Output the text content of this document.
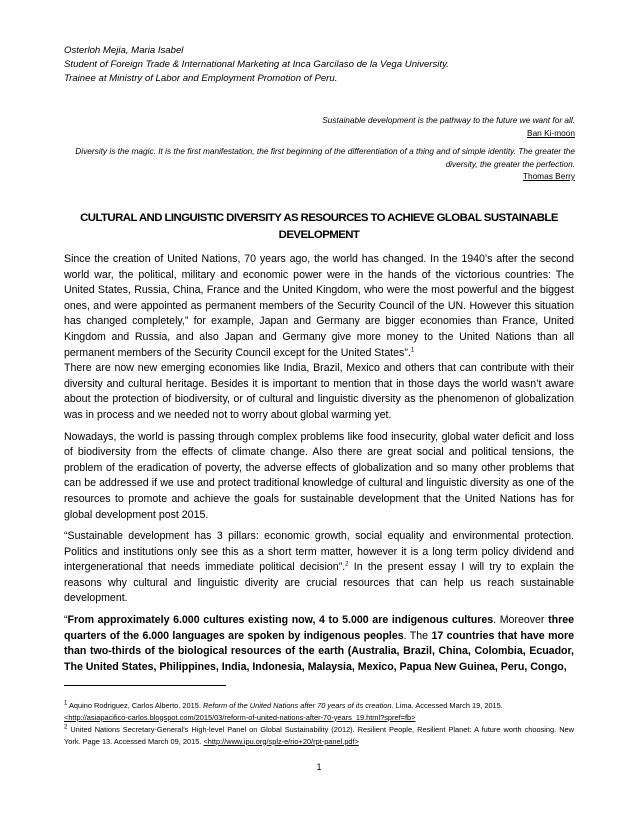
Osterloh Mejia, Maria Isabel
Student of Foreign Trade & International Marketing at Inca Garcilaso de la Vega University.
Trainee at Ministry of Labor and Employment Promotion of Peru.
Sustainable development is the pathway to the future we want for all.
Ban Ki-moon
Diversity is the magic. It is the first manifestation, the first beginning of the differentiation of a thing and of simple identity. The greater the diversity, the greater the perfection.
Thomas Berry
CULTURAL AND LINGUISTIC DIVERSITY AS RESOURCES TO ACHIEVE GLOBAL SUSTAINABLE DEVELOPMENT

Since the creation of United Nations, 70 years ago, the world has changed. In the 1940’s after the second world war, the political, military and economic power were in the hands of the victorious countries: The United States, Russia, China, France and the United Kingdom, who were the most powerful and the biggest ones, and were appointed as permanent members of the Security Council of the UN. However this situation has changed completely,” for example, Japan and Germany are bigger economies than France, United Kingdom and Russia, and also Japan and Germany give more money to the United Nations than all permanent members of the Security Council except for the United States”.$^1$
There are now new emerging economies like India, Brazil, Mexico and others that can contribute with their diversity and cultural heritage. Besides it is important to mention that in those days the world wasn’t aware about the protection of biodiversity, or of cultural and linguistic diversity as the phenomenon of globalization was in process and we needed not to worry about global warming yet.

Nowadays, the world is passing through complex problems like food insecurity, global water deficit and loss of biodiversity from the effects of climate change. Also there are great social and political tensions, the problem of the eradication of poverty, the adverse effects of globalization and so many other problems that can be addressed if we use and protect traditional knowledge of cultural and linguistic diversity as one of the resources to promote and achieve the goals for sustainable development that the United Nations has for global development post 2015.

“Sustainable development has 3 pillars: economic growth, social equality and environmental protection. Politics and institutions only see this as a short term matter, however it is a long term policy dividend and intergenerational that needs immediate political decision”.$^2$ In the present essay I will try to explain the reasons why cultural and linguistic diverity are crucial resources that can help us reach sustainable development.

“From approximately 6.000 cultures existing now, 4 to 5.000 are indigenous cultures. Moreover three quarters of the 6.000 languages are spoken by indigenous peoples. The 17 countries that have more than two-thirds of the biological resources of the earth (Australia, Brazil, China, Colombia, Ecuador, The United States, Philippines, India, Indonesia, Malaysia, Mexico, Papua New Guinea, Peru, Congo,

$^1$ Aquino Rodriguez, Carlos Alberto. 2015. Reform of the United Nations after 70 years of its creation. Lima. Accessed March 19, 2015.
<http://asiapacifico-carlos.blogspot.com/2015/03/reform-of-united-nations-after-70-years_19.html?spref=fb>

$^2$ United Nations Secretary-General’s High-level Panel on Global Sustainability (2012). Resilient People, Resilient Planet: A future worth choosing. New York. Page 13. Accessed March 09, 2015. <http://www.ipu.org/splz-e/rio+20/rpt-panel.pdf>

1
